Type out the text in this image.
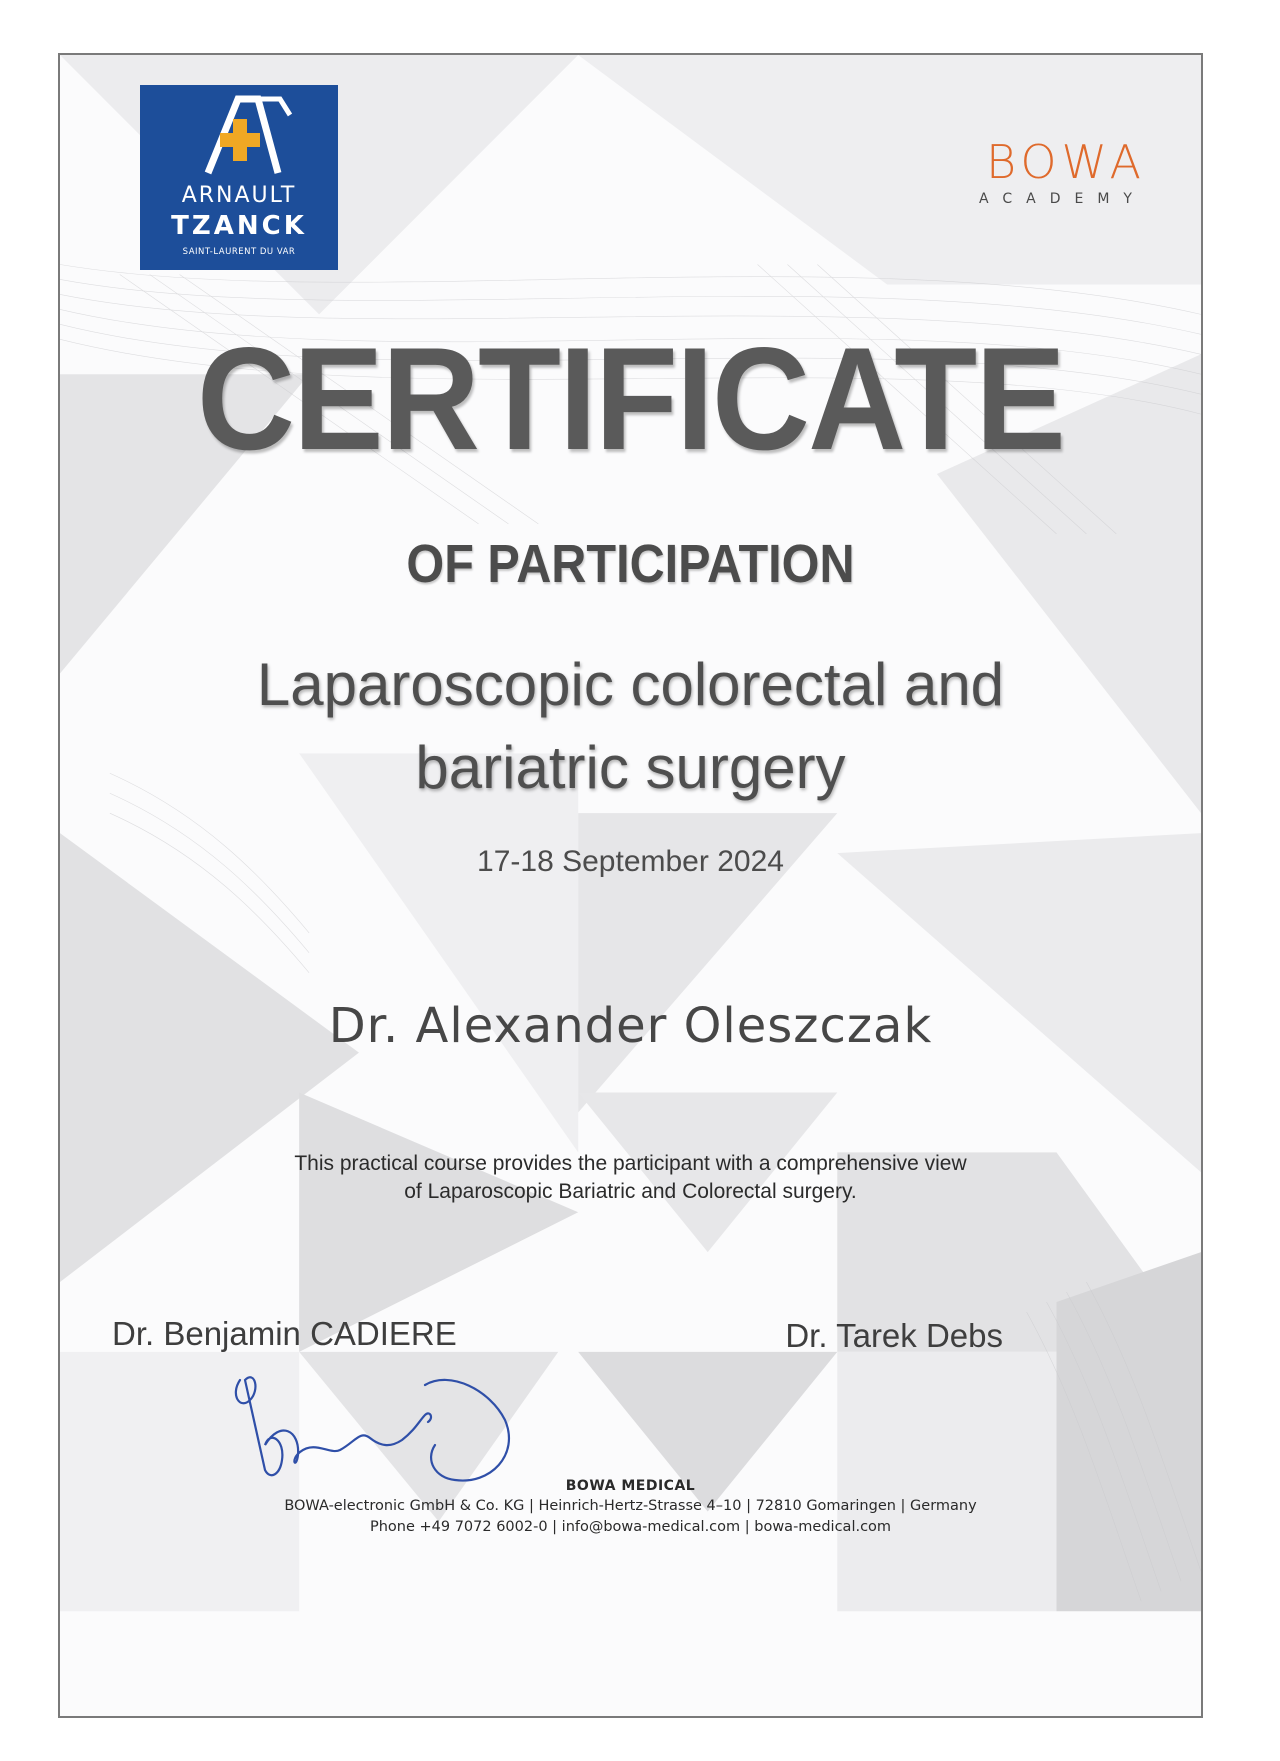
ARNAULT
TZANCK
SAINT-LAURENT DU VAR
BOWA
ACADEMY
CERTIFICATE
OF PARTICIPATION
Laparoscopic colorectal and
bariatric surgery
17-18 September 2024
Dr. Alexander Oleszczak
This practical course provides the participant with a comprehensive view
of Laparoscopic Bariatric and Colorectal surgery.
Dr. Benjamin CADIERE	Dr. Tarek Debs
BOWA MEDICAL
BOWA-electronic GmbH & Co. KG | Heinrich-Hertz-Strasse 4–10 | 72810 Gomaringen | Germany
Phone +49 7072 6002-0 | info@bowa-medical.com | bowa-medical.com
